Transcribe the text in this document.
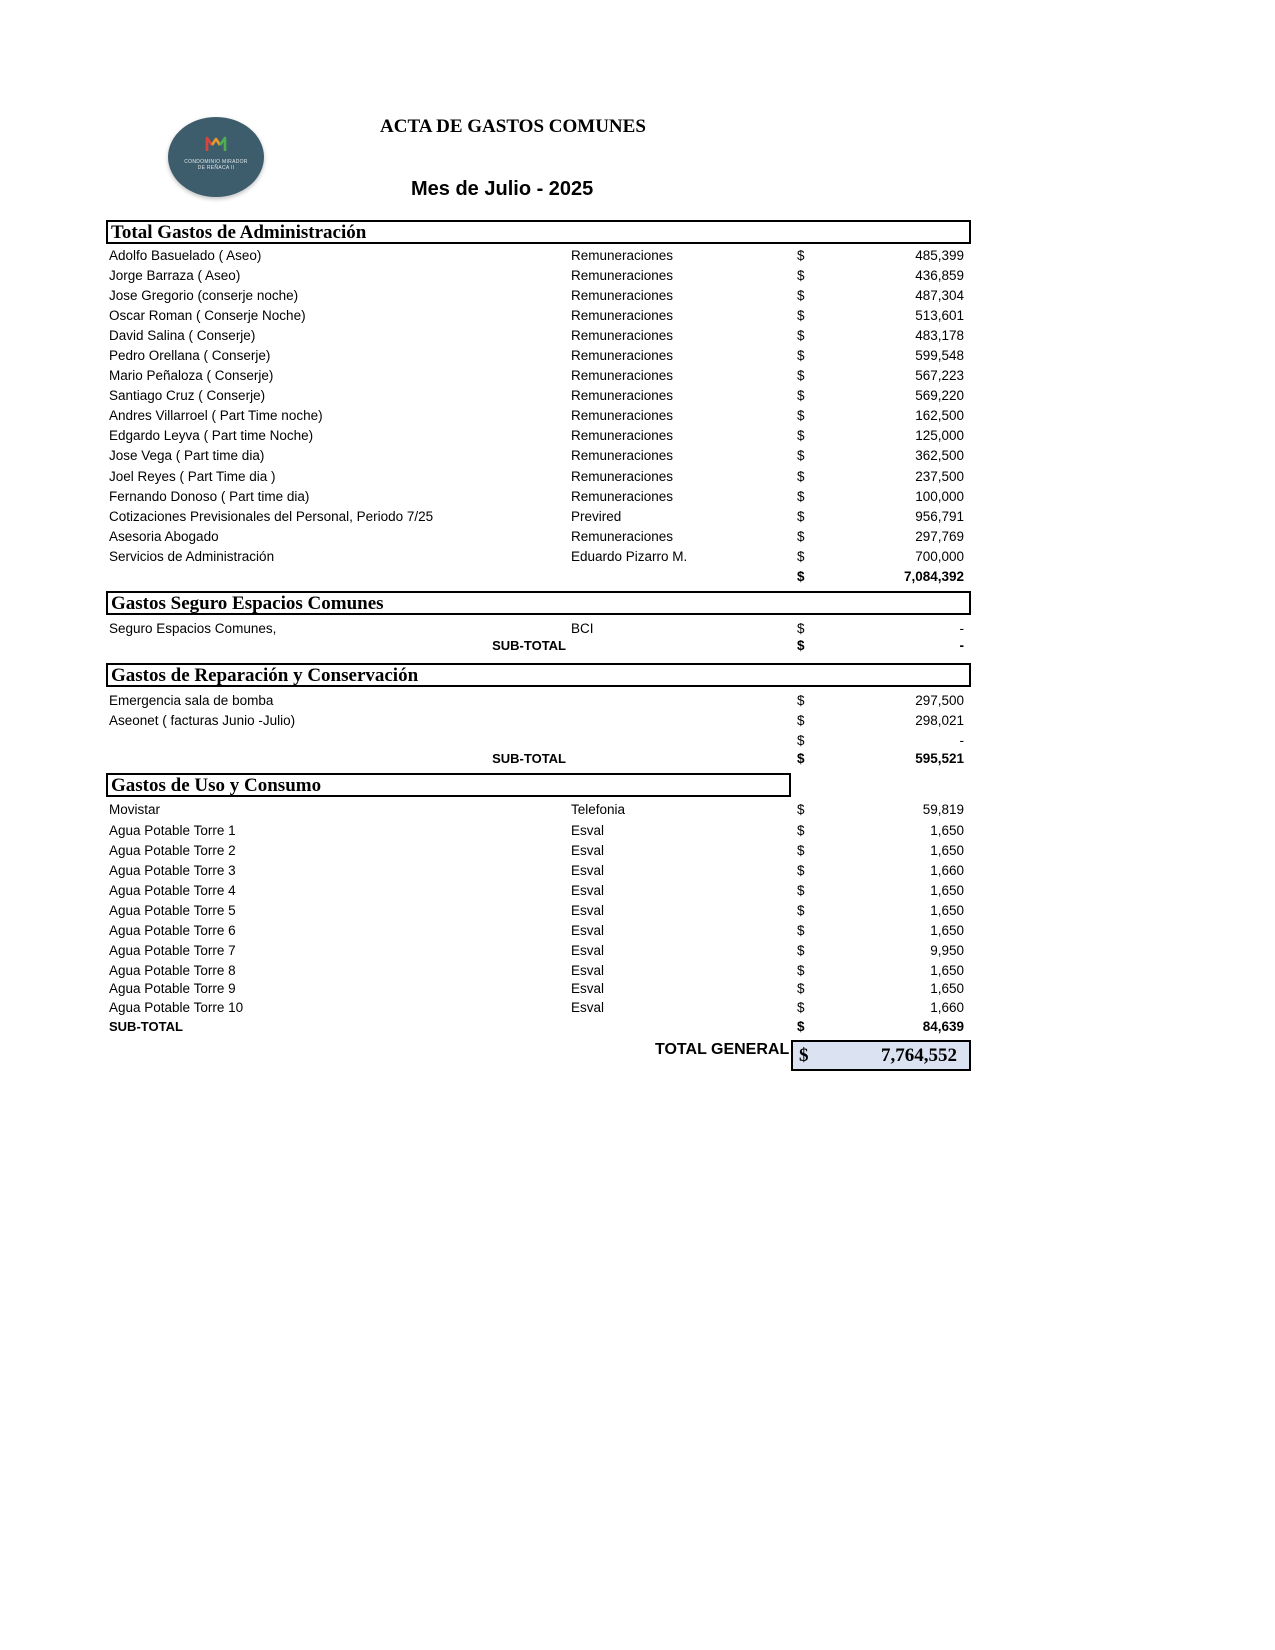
CONDOMINIO MIRADOR
DE REÑACA II
ACTA DE GASTOS COMUNES
Mes de Julio - 2025
Total Gastos de Administración
Adolfo Basuelado ( Aseo)	Remuneraciones	$	485,399
Jorge Barraza ( Aseo)	Remuneraciones	$	436,859
Jose Gregorio (conserje noche)	Remuneraciones	$	487,304
Oscar Roman ( Conserje Noche)	Remuneraciones	$	513,601
David Salina ( Conserje)	Remuneraciones	$	483,178
Pedro Orellana ( Conserje)	Remuneraciones	$	599,548
Mario Peñaloza ( Conserje)	Remuneraciones	$	567,223
Santiago Cruz ( Conserje)	Remuneraciones	$	569,220
Andres Villarroel ( Part Time noche)	Remuneraciones	$	162,500
Edgardo Leyva ( Part time Noche)	Remuneraciones	$	125,000
Jose Vega ( Part time dia)	Remuneraciones	$	362,500
Joel Reyes ( Part Time dia )	Remuneraciones	$	237,500
Fernando Donoso ( Part time dia)	Remuneraciones	$	100,000
Cotizaciones Previsionales del Personal, Periodo 7/25	Previred	$	956,791
Asesoria Abogado	Remuneraciones	$	297,769
Servicios de Administración	Eduardo Pizarro M.	$	700,000
$	7,084,392
Gastos Seguro Espacios Comunes
Seguro Espacios Comunes,	BCI	$	-
SUB-TOTAL	$	-
Gastos de Reparación y Conservación
Emergencia sala de bomba	$	297,500
Aseonet ( facturas Junio -Julio)	$	298,021
$	-
SUB-TOTAL	$	595,521
Gastos de Uso y Consumo
Movistar	Telefonia	$	59,819
Agua Potable Torre 1	Esval	$	1,650
Agua Potable Torre 2	Esval	$	1,650
Agua Potable Torre 3	Esval	$	1,660
Agua Potable Torre 4	Esval	$	1,650
Agua Potable Torre 5	Esval	$	1,650
Agua Potable Torre 6	Esval	$	1,650
Agua Potable Torre 7	Esval	$	9,950
Agua Potable Torre 8	Esval	$	1,650
Agua Potable Torre 9	Esval	$	1,650
Agua Potable Torre 10	Esval	$	1,660
SUB-TOTAL	$	84,639
TOTAL GENERAL $	7,764,552
